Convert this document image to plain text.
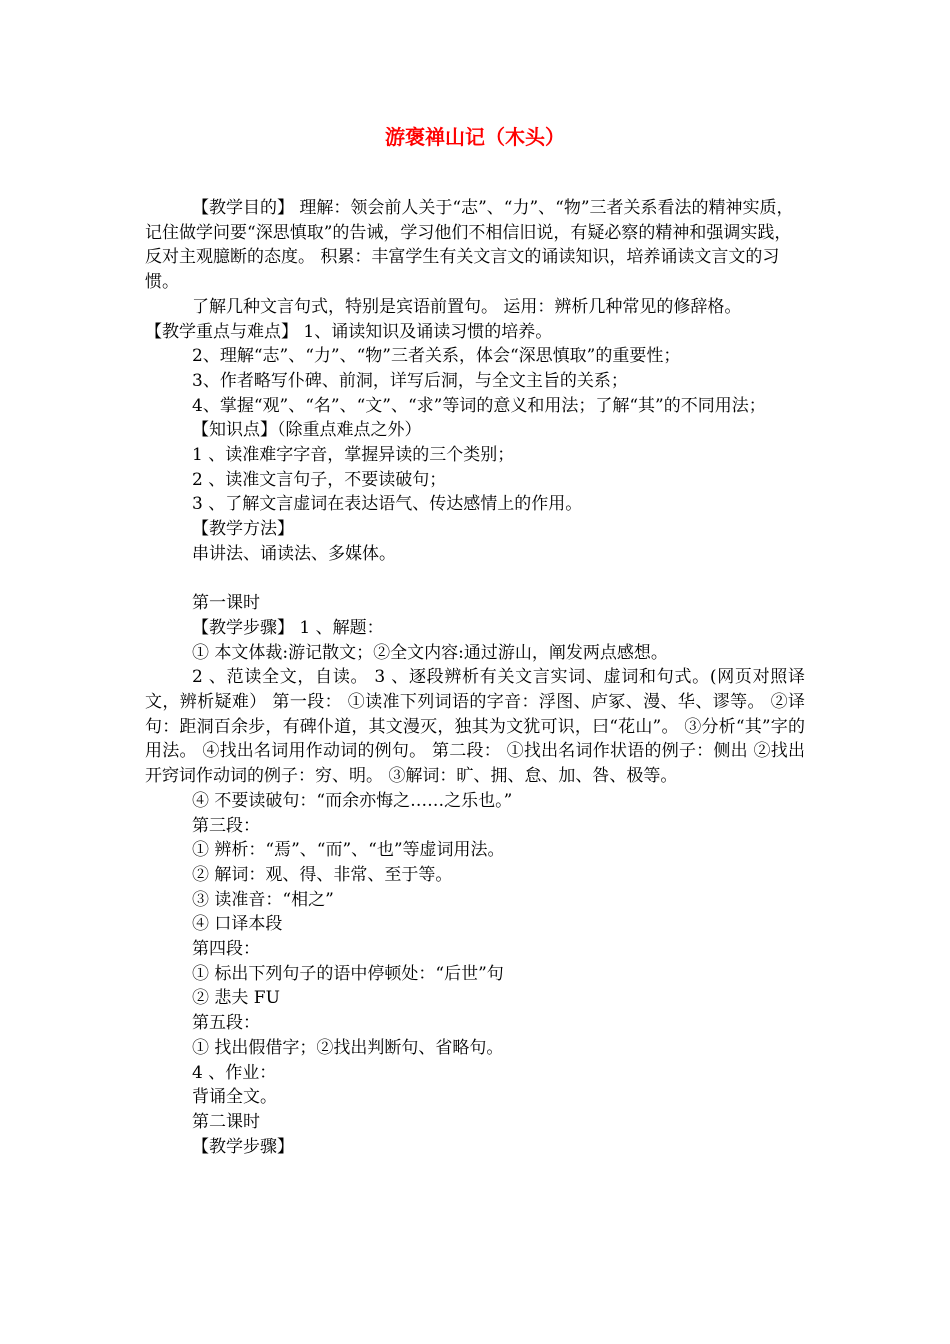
游褒禅山记（木头）

【教学目的】 理解：领会前人关于“志”、“力”、“物”三者关系看法的精神实质，记住做学问要“深思慎取”的告诫，学习他们不相信旧说，有疑必察的精神和强调实践，反对主观臆断的态度。 积累：丰富学生有关文言文的诵读知识，培养诵读文言文的习惯。

了解几种文言句式，特别是宾语前置句。 运用：辨析几种常见的修辞格。

【教学重点与难点】 1、诵读知识及诵读习惯的培养。

2、理解“志”、“力”、“物”三者关系，体会“深思慎取”的重要性；

3、作者略写仆碑、前洞，详写后洞，与全文主旨的关系；

4、掌握“观”、“名”、“文”、“求”等词的意义和用法；了解“其”的不同用法；

【知识点】（除重点难点之外）

1 、读准难字字音，掌握异读的三个类别；

2 、读准文言句子，不要读破句；

3 、了解文言虚词在表达语气、传达感情上的作用。

【教学方法】

串讲法、诵读法、多媒体。

第一课时

【教学步骤】 1 、解题：

① 本文体裁:游记散文；②全文内容:通过游山，阐发两点感想。

2 、范读全文，自读。 3 、逐段辨析有关文言实词、虚词和句式。(网页对照译文，辨析疑难） 第一段： ①读准下列词语的字音：浮图、庐冢、漫、华、谬等。 ②译句：距洞百余步，有碑仆道，其文漫灭，独其为文犹可识，曰“花山”。 ③分析“其”字的用法。 ④找出名词用作动词的例句。 第二段： ①找出名词作状语的例子：侧出 ②找出开窍词作动词的例子：穷、明。 ③解词：旷、拥、怠、加、咎、极等。

④ 不要读破句：“而余亦悔之……之乐也。”

第三段：

① 辨析：“焉”、“而”、“也”等虚词用法。

② 解词：观、得、非常、至于等。

③ 读准音：“相之”

④ 口译本段

第四段：

① 标出下列句子的语中停顿处：“后世”句

② 悲夫 FU

第五段：

① 找出假借字；②找出判断句、省略句。

4 、作业：

背诵全文。

第二课时

【教学步骤】
